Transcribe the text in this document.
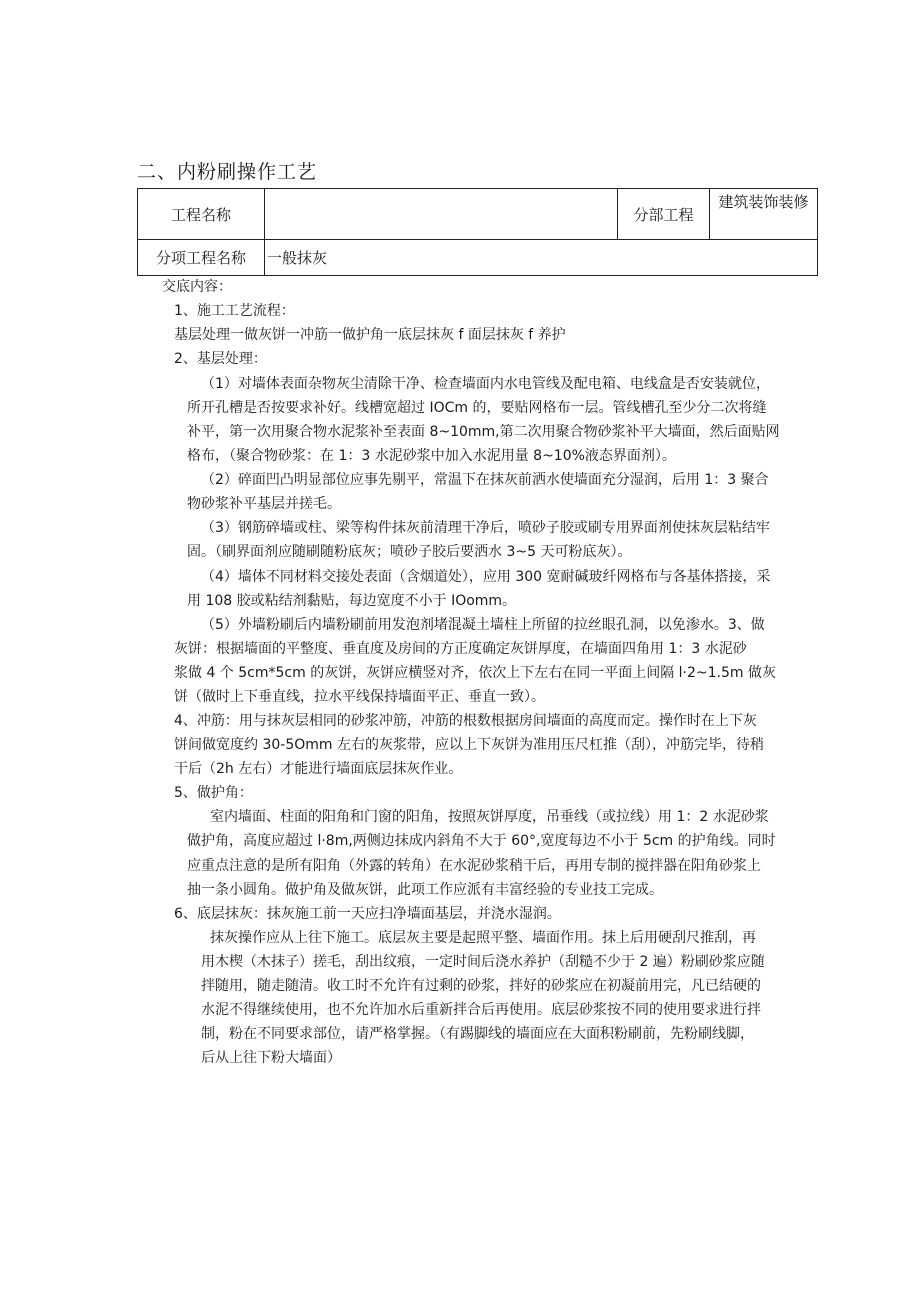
二、内粉刷操作工艺
工程名称		分部工程	建筑装饰装修
分项工程名称	一般抹灰		
交底内容：
1、施工工艺流程：
基层处理一做灰饼一冲筋一做护角一底层抹灰 f 面层抹灰 f 养护
2、基层处理：
（1）对墙体表面杂物灰尘清除干净、检查墙面内水电管线及配电箱、电线盒是否安装就位，
所开孔槽是否按要求补好。线槽宽超过 IOCm 的，要贴网格布一层。管线槽孔至少分二次将缝
补平，第一次用聚合物水泥浆补至表面 8~10mm,第二次用聚合物砂浆补平大墙面，然后面贴网
格布，（聚合物砂浆：在 1：3 水泥砂浆中加入水泥用量 8~10%液态界面剂）。
（2）碎面凹凸明显部位应事先剔平，常温下在抹灰前洒水使墙面充分湿润，后用 1：3 聚合
物砂浆补平基层并搓毛。
（3）钢筋碎墙或柱、梁等构件抹灰前清理干净后，喷砂子胶或刷专用界面剂使抹灰层粘结牢
固。（刷界面剂应随刷随粉底灰；喷砂子胶后要洒水 3~5 天可粉底灰）。
（4）墙体不同材料交接处表面（含烟道处），应用 300 宽耐碱玻纤网格布与各基体搭接，采
用 108 胶或粘结剂黏贴，每边宽度不小于 IOomm。
（5）外墙粉刷后内墙粉刷前用发泡剂堵混凝土墙柱上所留的拉丝眼孔洞，以免渗水。3、做
灰饼：根据墙面的平整度、垂直度及房间的方正度确定灰饼厚度，在墙面四角用 1：3 水泥砂
浆做 4 个 5cm*5cm 的灰饼，灰饼应横竖对齐，依次上下左右在同一平面上间隔 l·2~1.5m 做灰
饼（做时上下垂直线，拉水平线保持墙面平正、垂直一致）。
4、冲筋：用与抹灰层相同的砂浆冲筋，冲筋的根数根据房间墙面的高度而定。操作时在上下灰
饼间做宽度约 30-5Omm 左右的灰浆带，应以上下灰饼为准用压尺杠推（刮），冲筋完毕，待稍
干后（2h 左右）才能进行墙面底层抹灰作业。
5、做护角：
室内墙面、柱面的阳角和门窗的阳角，按照灰饼厚度，吊垂线（或拉线）用 1：2 水泥砂浆
做护角，高度应超过 l·8m,两侧边抹成内斜角不大于 60°,宽度每边不小于 5cm 的护角线。同时
应重点注意的是所有阳角（外露的转角）在水泥砂浆稍干后，再用专制的搅拌器在阳角砂浆上
抽一条小圆角。做护角及做灰饼，此项工作应派有丰富经验的专业技工完成。
6、底层抹灰：抹灰施工前一天应扫净墙面基层，并浇水湿润。
抹灰操作应从上往下施工。底层灰主要是起照平整、墙面作用。抹上后用硬刮尺推刮，再
用木楔（木抹子）搓毛，刮出纹痕，一定时间后浇水养护（刮糙不少于 2 遍）粉刷砂浆应随
拌随用，随走随清。收工时不允许有过剩的砂浆，拌好的砂浆应在初凝前用完，凡已结硬的
水泥不得继续使用，也不允许加水后重新拌合后再使用。底层砂浆按不同的使用要求进行拌
制，粉在不同要求部位，请严格掌握。（有踢脚线的墙面应在大面积粉刷前，先粉刷线脚，
后从上往下粉大墙面）
